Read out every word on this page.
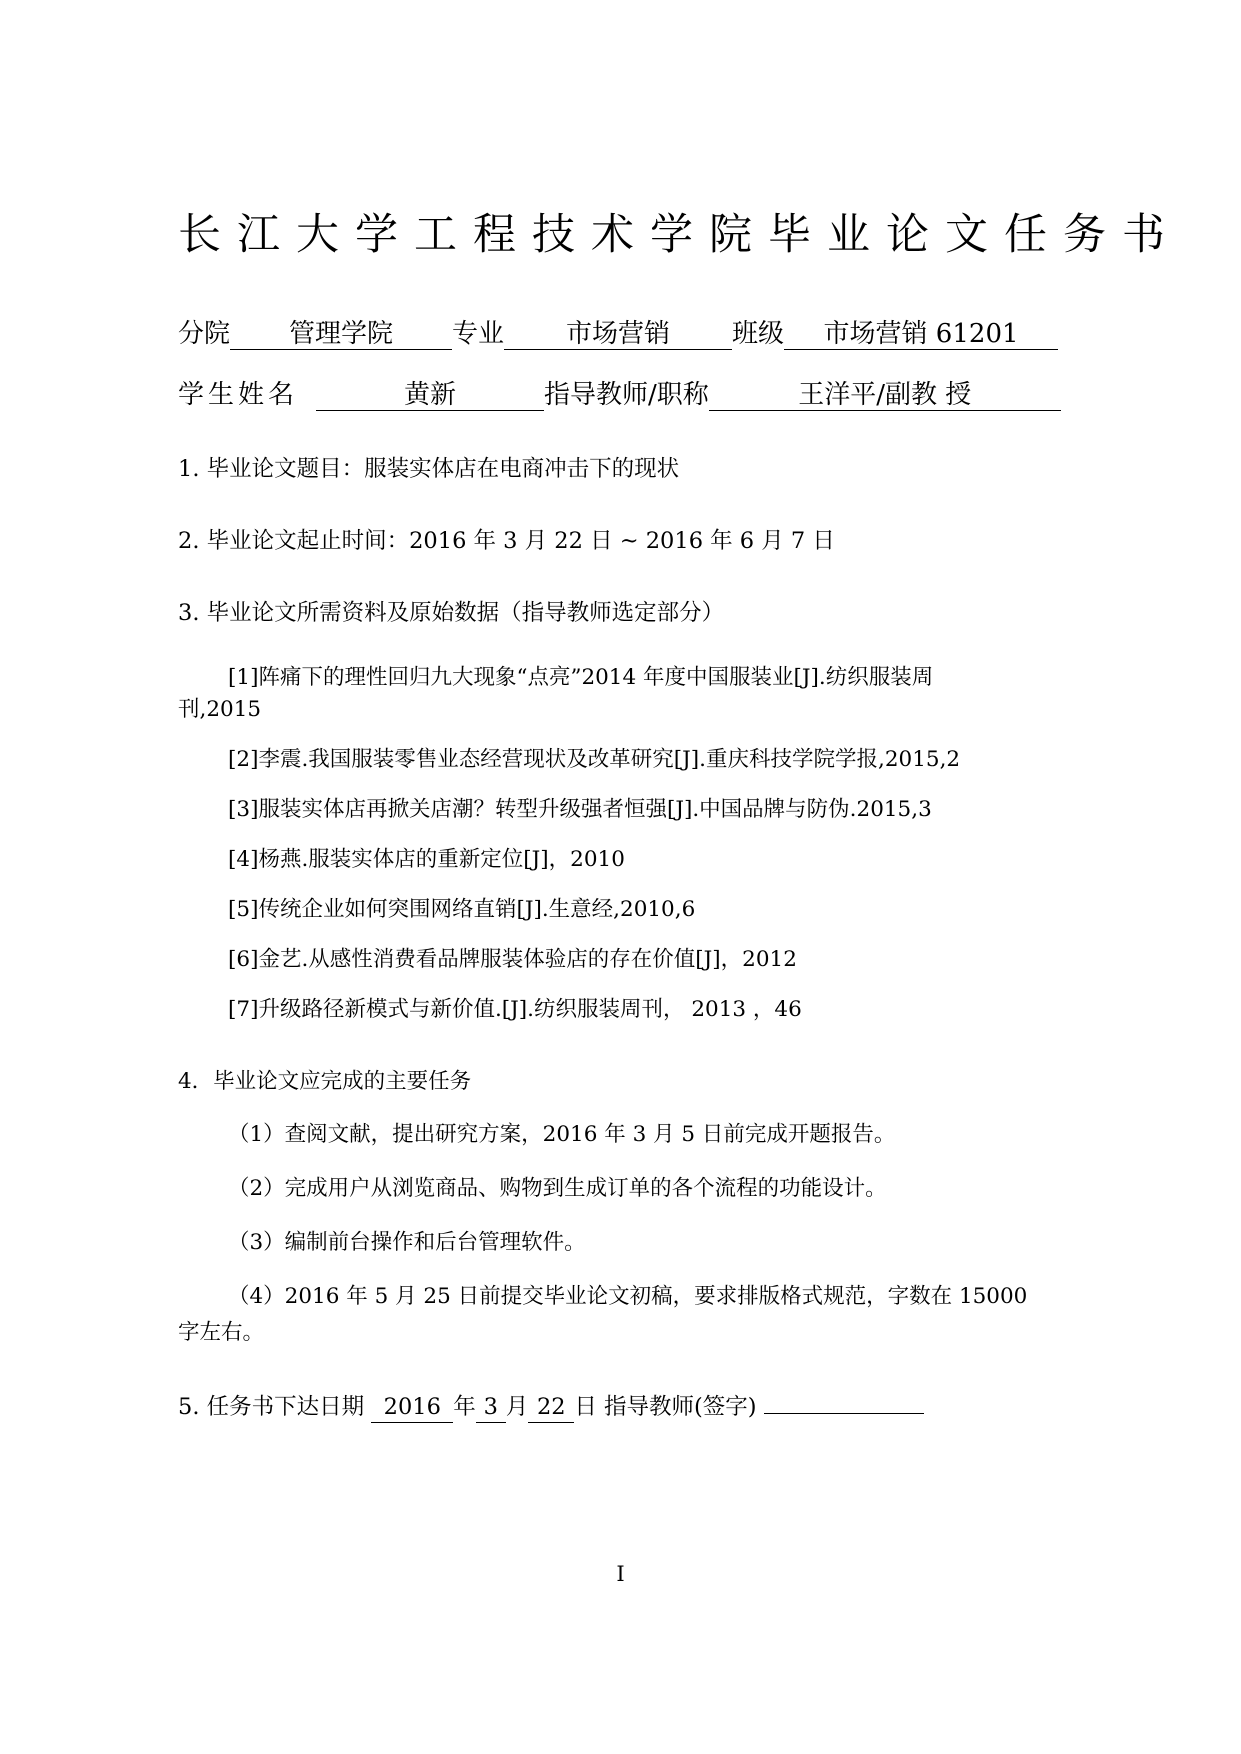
长江大学工程技术学院毕业论文任务书
分院 管理学院 专业 市场营销 班级 市场营销 61201
学生姓名	黄新	指导教师/职称	王洋平/副教 授
1. 毕业论文题目：服装实体店在电商冲击下的现状
2. 毕业论文起止时间：2016 年 3 月 22 日 ~ 2016 年 6 月 7 日
3. 毕业论文所需资料及原始数据（指导教师选定部分）
[1]阵痛下的理性回归九大现象“点亮”2014 年度中国服装业[J].纺织服装周
刊,2015
[2]李震.我国服装零售业态经营现状及改革研究[J].重庆科技学院学报,2015,2
[3]服装实体店再掀关店潮？转型升级强者恒强[J].中国品牌与防伪.2015,3
[4]杨燕.服装实体店的重新定位[J]，2010
[5]传统企业如何突围网络直销[J].生意经,2010,6
[6]金艺.从感性消费看品牌服装体验店的存在价值[J]，2012
[7]升级路径新模式与新价值.[J].纺织服装周刊， 2013 ，46
4．毕业论文应完成的主要任务
（1）查阅文献，提出研究方案，2016 年 3 月 5 日前完成开题报告。
（2）完成用户从浏览商品、购物到生成订单的各个流程的功能设计。
（3）编制前台操作和后台管理软件。
（4）2016 年 5 月 25 日前提交毕业论文初稿，要求排版格式规范，字数在 15000
字左右。
5. 任务书下达日期 2016 年 3 月 22 日 指导教师(签字)
I
